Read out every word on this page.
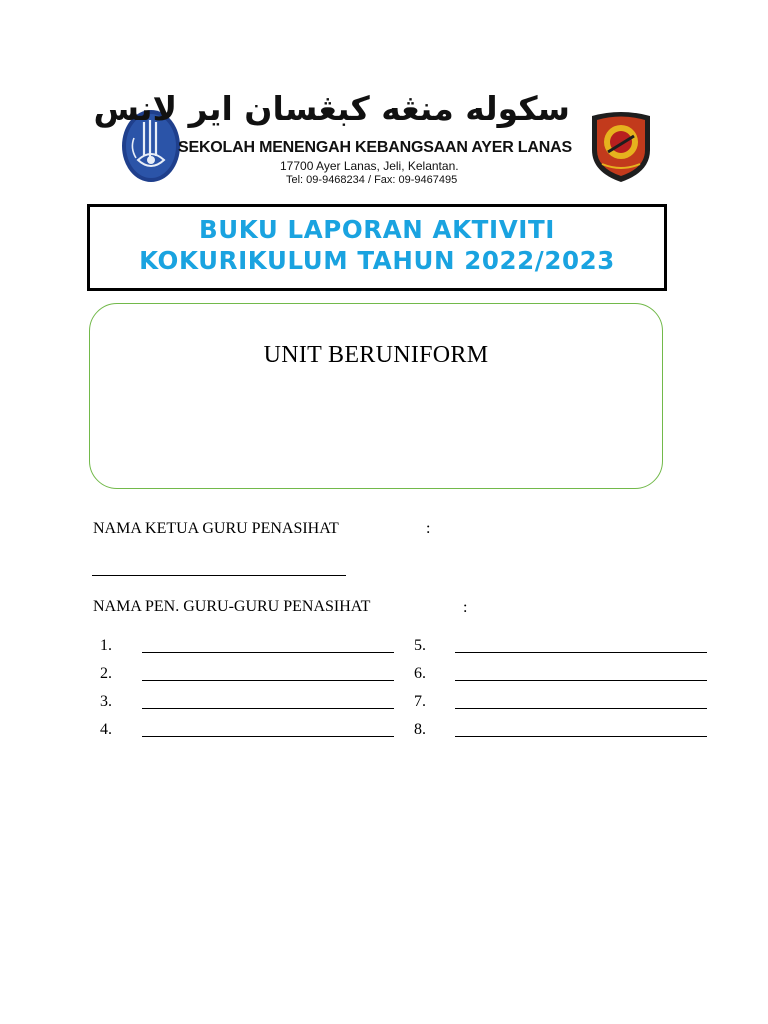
سکوله منڠه کبڠسان اير لانس
SEKOLAH MENENGAH KEBANGSAAN AYER LANAS
17700 Ayer Lanas, Jeli, Kelantan.
Tel: 09-9468234 / Fax: 09-9467495
BUKU LAPORAN AKTIVITI
KOKURIKULUM TAHUN 2022/2023
UNIT BERUNIFORM
NAMA KETUA GURU PENASIHAT	:
NAMA PEN. GURU-GURU PENASIHAT	:
1.
2.
3.
4.
5.
6.
7.
8.
